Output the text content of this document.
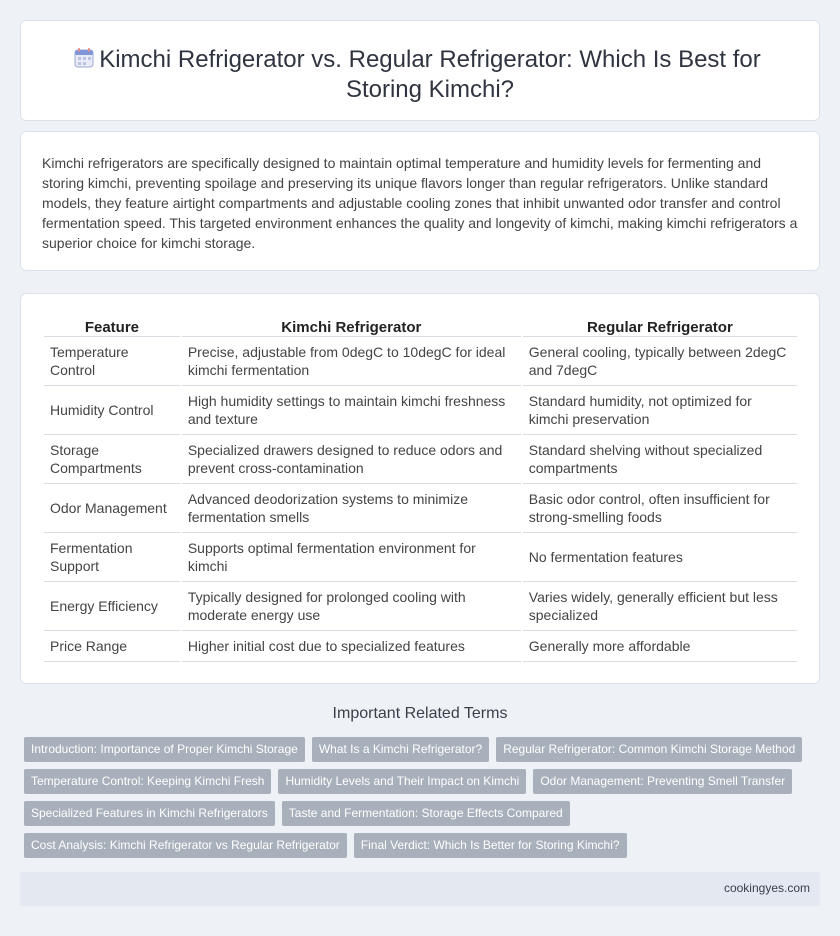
Kimchi Refrigerator vs. Regular Refrigerator: Which Is Best for Storing Kimchi?

Kimchi refrigerators are specifically designed to maintain optimal temperature and humidity levels for fermenting and storing kimchi, preventing spoilage and preserving its unique flavors longer than regular refrigerators. Unlike standard models, they feature airtight compartments and adjustable cooling zones that inhibit unwanted odor transfer and control fermentation speed. This targeted environment enhances the quality and longevity of kimchi, making kimchi refrigerators a superior choice for kimchi storage.

Feature	Kimchi Refrigerator	Regular Refrigerator
Temperature Control	Precise, adjustable from 0degC to 10degC for ideal kimchi fermentation	General cooling, typically between 2degC and 7degC
Humidity Control	High humidity settings to maintain kimchi freshness and texture	Standard humidity, not optimized for kimchi preservation
Storage Compartments	Specialized drawers designed to reduce odors and prevent cross-contamination	Standard shelving without specialized compartments
Odor Management	Advanced deodorization systems to minimize fermentation smells	Basic odor control, often insufficient for strong-smelling foods
Fermentation Support	Supports optimal fermentation environment for kimchi	No fermentation features
Energy Efficiency	Typically designed for prolonged cooling with moderate energy use	Varies widely, generally efficient but less specialized
Price Range	Higher initial cost due to specialized features	Generally more affordable
Important Related Terms
Introduction: Importance of Proper Kimchi Storage What Is a Kimchi Refrigerator? Regular Refrigerator: Common Kimchi Storage Method
Temperature Control: Keeping Kimchi Fresh Humidity Levels and Their Impact on Kimchi Odor Management: Preventing Smell Transfer
Specialized Features in Kimchi Refrigerators Taste and Fermentation: Storage Effects Compared
Cost Analysis: Kimchi Refrigerator vs Regular Refrigerator Final Verdict: Which Is Better for Storing Kimchi?
cookingyes.com
